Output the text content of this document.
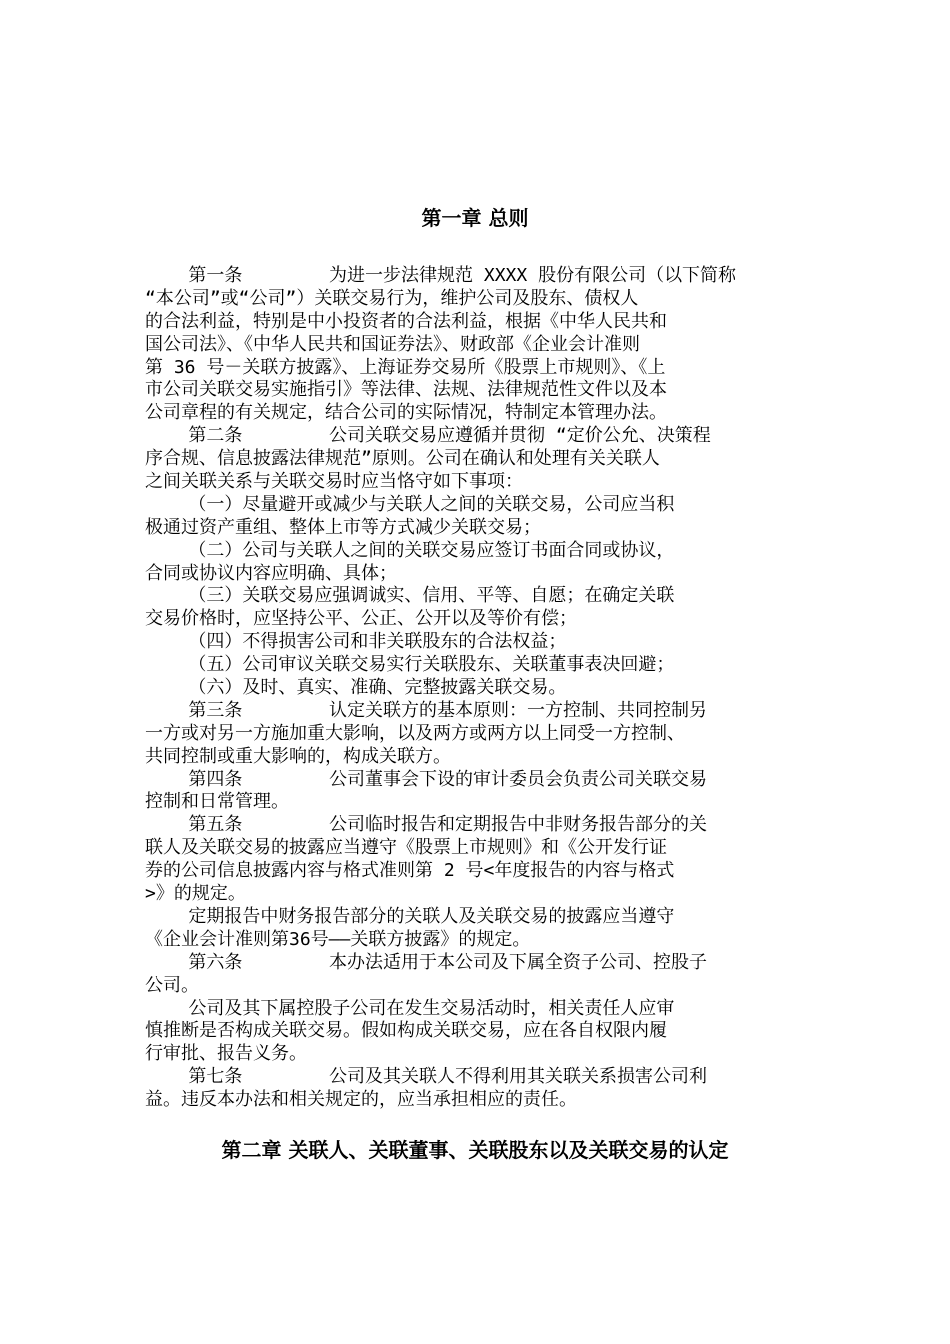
第一章 总则
第一条        为进一步法律规范 XXXX 股份有限公司（以下简称
“本公司”或“公司”）关联交易行为，维护公司及股东、债权人
的合法利益，特别是中小投资者的合法利益，根据《中华人民共和
国公司法》、《中华人民共和国证券法》、财政部《企业会计准则
第 36 号－关联方披露》、上海证券交易所《股票上市规则》、《上
市公司关联交易实施指引》等法律、法规、法律规范性文件以及本
公司章程的有关规定，结合公司的实际情况，特制定本管理办法。
第二条        公司关联交易应遵循并贯彻 “定价公允、决策程
序合规、信息披露法律规范”原则。公司在确认和处理有关关联人
之间关联关系与关联交易时应当恪守如下事项：
（一）尽量避开或减少与关联人之间的关联交易，公司应当积
极通过资产重组、整体上市等方式减少关联交易；
（二）公司与关联人之间的关联交易应签订书面合同或协议，
合同或协议内容应明确、具体；
（三）关联交易应强调诚实、信用、平等、自愿；在确定关联
交易价格时，应坚持公平、公正、公开以及等价有偿；
（四）不得损害公司和非关联股东的合法权益；
（五）公司审议关联交易实行关联股东、关联董事表决回避；
（六）及时、真实、准确、完整披露关联交易。
第三条        认定关联方的基本原则：一方控制、共同控制另
一方或对另一方施加重大影响，以及两方或两方以上同受一方控制、
共同控制或重大影响的，构成关联方。
第四条        公司董事会下设的审计委员会负责公司关联交易
控制和日常管理。
第五条        公司临时报告和定期报告中非财务报告部分的关
联人及关联交易的披露应当遵守《股票上市规则》和《公开发行证
券的公司信息披露内容与格式准则第 2 号<年度报告的内容与格式
>》的规定。
定期报告中财务报告部分的关联人及关联交易的披露应当遵守
《企业会计准则第36号——关联方披露》的规定。
第六条        本办法适用于本公司及下属全资子公司、控股子
公司。
公司及其下属控股子公司在发生交易活动时，相关责任人应审
慎推断是否构成关联交易。假如构成关联交易，应在各自权限内履
行审批、报告义务。
第七条        公司及其关联人不得利用其关联关系损害公司利
益。违反本办法和相关规定的，应当承担相应的责任。
第二章 关联人、关联董事、关联股东以及关联交易的认定
